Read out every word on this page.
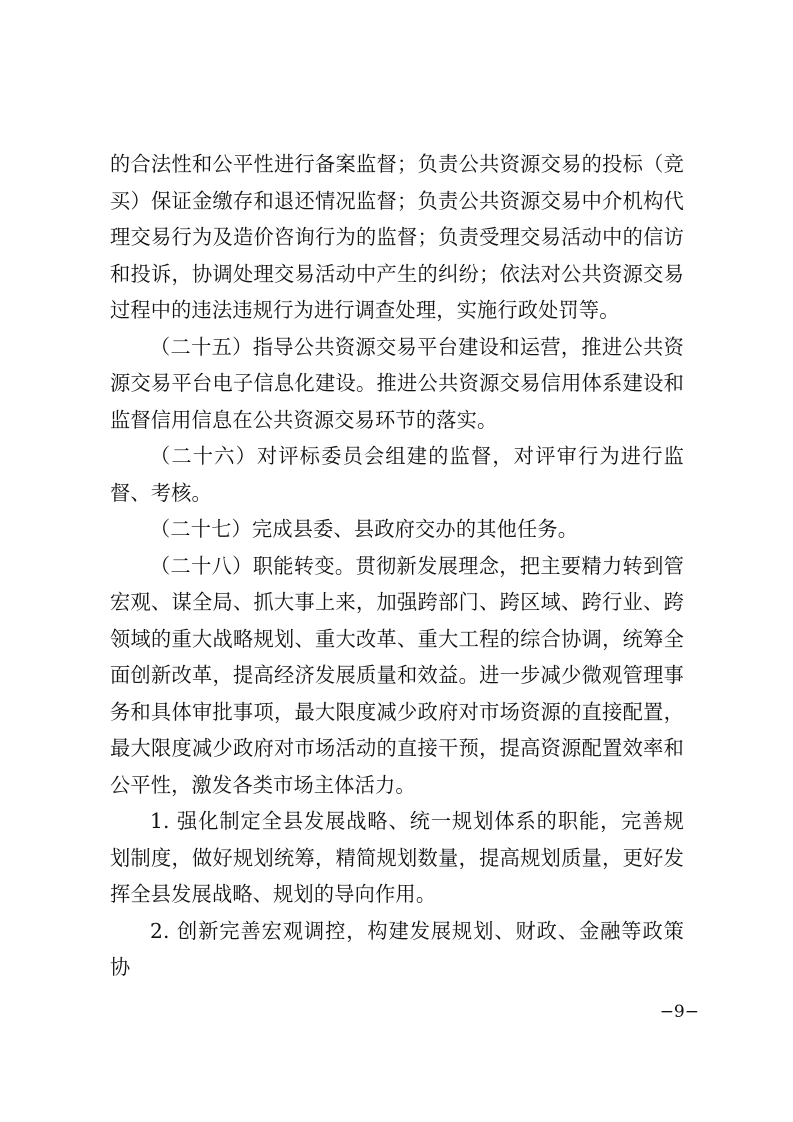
的合法性和公平性进行备案监督；负责公共资源交易的投标（竞买）保证金缴存和退还情况监督；负责公共资源交易中介机构代理交易行为及造价咨询行为的监督；负责受理交易活动中的信访和投诉，协调处理交易活动中产生的纠纷；依法对公共资源交易过程中的违法违规行为进行调查处理，实施行政处罚等。

（二十五）指导公共资源交易平台建设和运营，推进公共资源交易平台电子信息化建设。推进公共资源交易信用体系建设和监督信用信息在公共资源交易环节的落实。

（二十六）对评标委员会组建的监督，对评审行为进行监督、考核。

（二十七）完成县委、县政府交办的其他任务。

（二十八）职能转变。贯彻新发展理念，把主要精力转到管宏观、谋全局、抓大事上来，加强跨部门、跨区域、跨行业、跨领域的重大战略规划、重大改革、重大工程的综合协调，统筹全面创新改革，提高经济发展质量和效益。进一步减少微观管理事务和具体审批事项，最大限度减少政府对市场资源的直接配置，最大限度减少政府对市场活动的直接干预，提高资源配置效率和公平性，激发各类市场主体活力。

1. 强化制定全县发展战略、统一规划体系的职能，完善规划制度，做好规划统筹，精简规划数量，提高规划质量，更好发挥全县发展战略、规划的导向作用。

2. 创新完善宏观调控，构建发展规划、财政、金融等政策协

−9−
